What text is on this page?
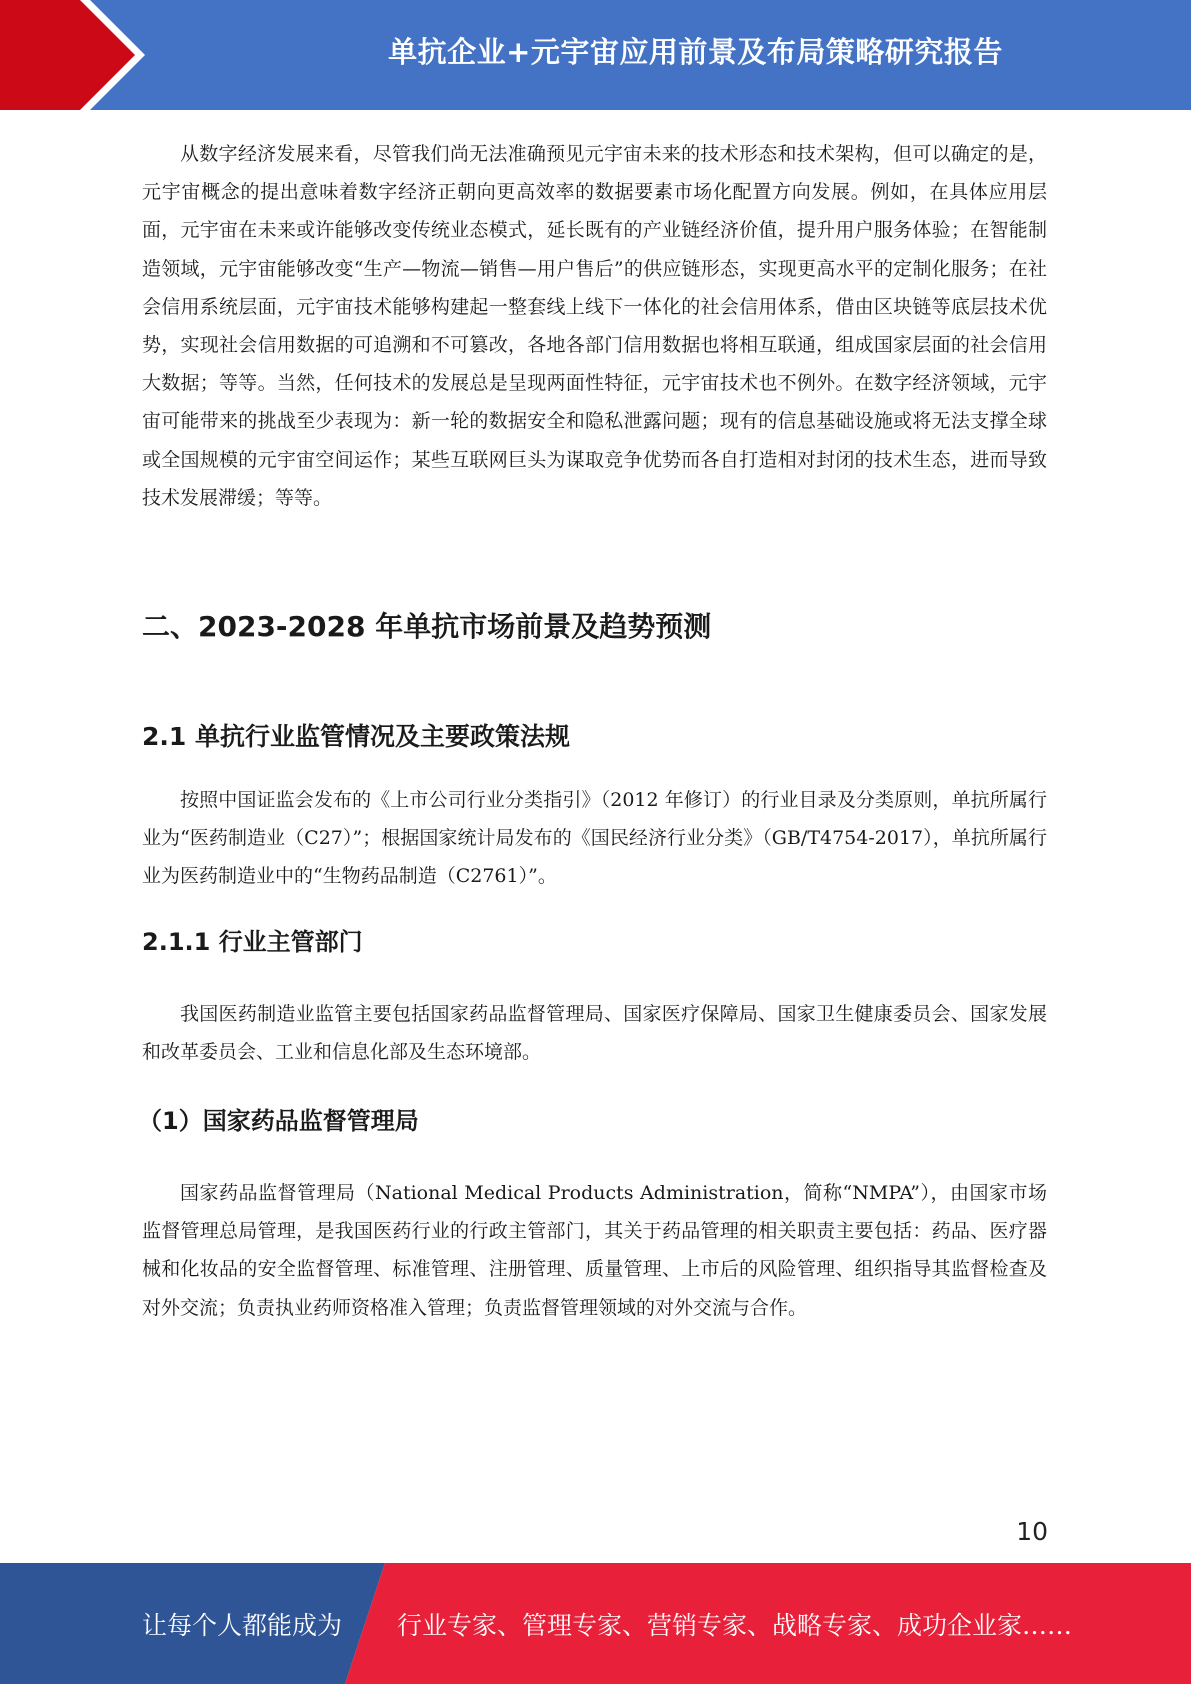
单抗企业+元宇宙应用前景及布局策略研究报告

从数字经济发展来看，尽管我们尚无法准确预见元宇宙未来的技术形态和技术架构，但可以确定的是，元宇宙概念的提出意味着数字经济正朝向更高效率的数据要素市场化配置方向发展。例如，在具体应用层面，元宇宙在未来或许能够改变传统业态模式，延长既有的产业链经济价值，提升用户服务体验；在智能制造领域，元宇宙能够改变“生产—物流—销售—用户售后”的供应链形态，实现更高水平的定制化服务；在社会信用系统层面，元宇宙技术能够构建起一整套线上线下一体化的社会信用体系，借由区块链等底层技术优势，实现社会信用数据的可追溯和不可篡改，各地各部门信用数据也将相互联通，组成国家层面的社会信用大数据；等等。当然，任何技术的发展总是呈现两面性特征，元宇宙技术也不例外。在数字经济领域，元宇宙可能带来的挑战至少表现为：新一轮的数据安全和隐私泄露问题；现有的信息基础设施或将无法支撑全球或全国规模的元宇宙空间运作；某些互联网巨头为谋取竞争优势而各自打造相对封闭的技术生态，进而导致技术发展滞缓；等等。

二、2023-2028 年单抗市场前景及趋势预测
2.1 单抗行业监管情况及主要政策法规

按照中国证监会发布的《上市公司行业分类指引》（2012 年修订）的行业目录及分类原则，单抗所属行业为“医药制造业（C27）”；根据国家统计局发布的《国民经济行业分类》（GB/T4754-2017），单抗所属行业为医药制造业中的“生物药品制造（C2761）”。

2.1.1 行业主管部门

我国医药制造业监管主要包括国家药品监督管理局、国家医疗保障局、国家卫生健康委员会、国家发展和改革委员会、工业和信息化部及生态环境部。

（1）国家药品监督管理局

国家药品监督管理局（National Medical Products Administration，简称“NMPA”），由国家市场监督管理总局管理，是我国医药行业的行政主管部门，其关于药品管理的相关职责主要包括：药品、医疗器械和化妆品的安全监督管理、标准管理、注册管理、质量管理、上市后的风险管理、组织指导其监督检查及对外交流；负责执业药师资格准入管理；负责监督管理领域的对外交流与合作。

10
让每个人都能成为 行业专家、管理专家、营销专家、战略专家、成功企业家……
